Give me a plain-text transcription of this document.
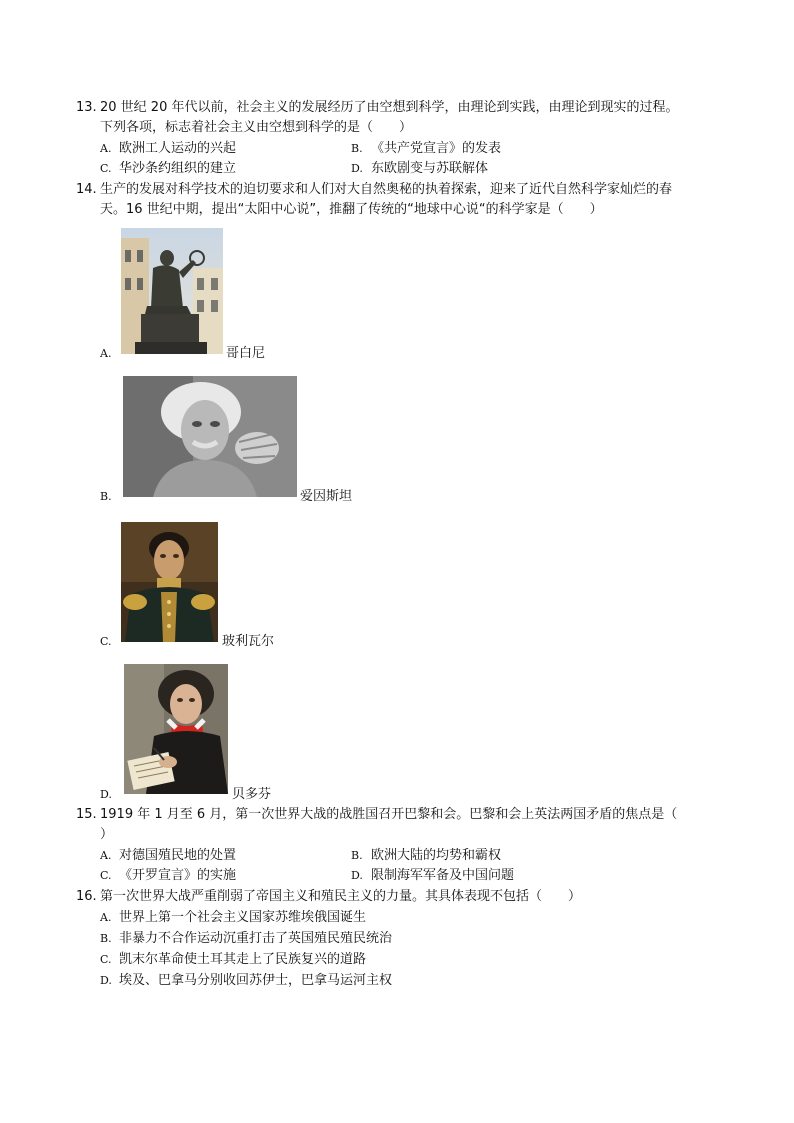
13. 20 世纪 20 年代以前，社会主义的发展经历了由空想到科学，由理论到实践，由理论到现实的过程。
下列各项，标志着社会主义由空想到科学的是（　　）
A. 欧洲工人运动的兴起	B. 《共产党宣言》的发表
C. 华沙条约组织的建立	D. 东欧剧变与苏联解体
14. 生产的发展对科学技术的迫切要求和人们对大自然奥秘的执着探索，迎来了近代自然科学家灿烂的春
天。16 世纪中期，提出“太阳中心说”，推翻了传统的“地球中心说“的科学家是（　　）
A.	哥白尼
B.	爱因斯坦
C.	玻利瓦尔
D.	贝多芬
15. 1919 年 1 月至 6 月，第一次世界大战的战胜国召开巴黎和会。巴黎和会上英法两国矛盾的焦点是（
）
A. 对德国殖民地的处置	B. 欧洲大陆的均势和霸权
C. 《开罗宣言》的实施	D. 限制海军军备及中国问题
16. 第一次世界大战严重削弱了帝国主义和殖民主义的力量。其具体表现不包括（　　）
A. 世界上第一个社会主义国家苏维埃俄国诞生
B. 非暴力不合作运动沉重打击了英国殖民殖民统治
C. 凯末尔革命使土耳其走上了民族复兴的道路
D. 埃及、巴拿马分别收回苏伊士，巴拿马运河主权
